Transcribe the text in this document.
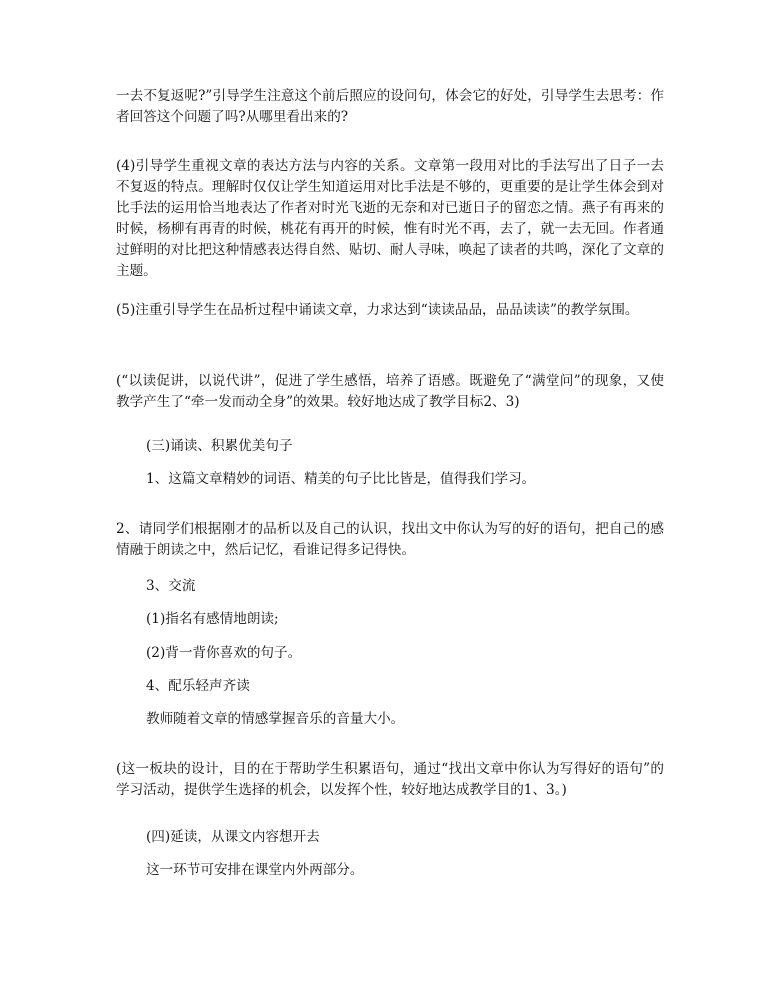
一去不复返呢?”引导学生注意这个前后照应的设问句，体会它的好处，引导学生去思考：作者回答这个问题了吗?从哪里看出来的?

(4)引导学生重视文章的表达方法与内容的关系。文章第一段用对比的手法写出了日子一去不复返的特点。理解时仅仅让学生知道运用对比手法是不够的，更重要的是让学生体会到对比手法的运用恰当地表达了作者对时光飞逝的无奈和对已逝日子的留恋之情。燕子有再来的时候，杨柳有再青的时候，桃花有再开的时候，惟有时光不再，去了，就一去无回。作者通过鲜明的对比把这种情感表达得自然、贴切、耐人寻味，唤起了读者的共鸣，深化了文章的主题。

(5)注重引导学生在品析过程中诵读文章，力求达到“读读品品，品品读读”的教学氛围。

(“以读促讲，以说代讲”，促进了学生感悟，培养了语感。既避免了“满堂问”的现象，又使教学产生了“牵一发而动全身”的效果。较好地达成了教学目标2、3)

(三)诵读、积累优美句子

1、这篇文章精妙的词语、精美的句子比比皆是，值得我们学习。

2、请同学们根据刚才的品析以及自己的认识，找出文中你认为写的好的语句，把自己的感情融于朗读之中，然后记忆，看谁记得多记得快。

3、交流

(1)指名有感情地朗读;

(2)背一背你喜欢的句子。

4、配乐轻声齐读

教师随着文章的情感掌握音乐的音量大小。

(这一板块的设计，目的在于帮助学生积累语句，通过“找出文章中你认为写得好的语句”的学习活动，提供学生选择的机会，以发挥个性，较好地达成教学目的1、3。)

(四)延读，从课文内容想开去

这一环节可安排在课堂内外两部分。
